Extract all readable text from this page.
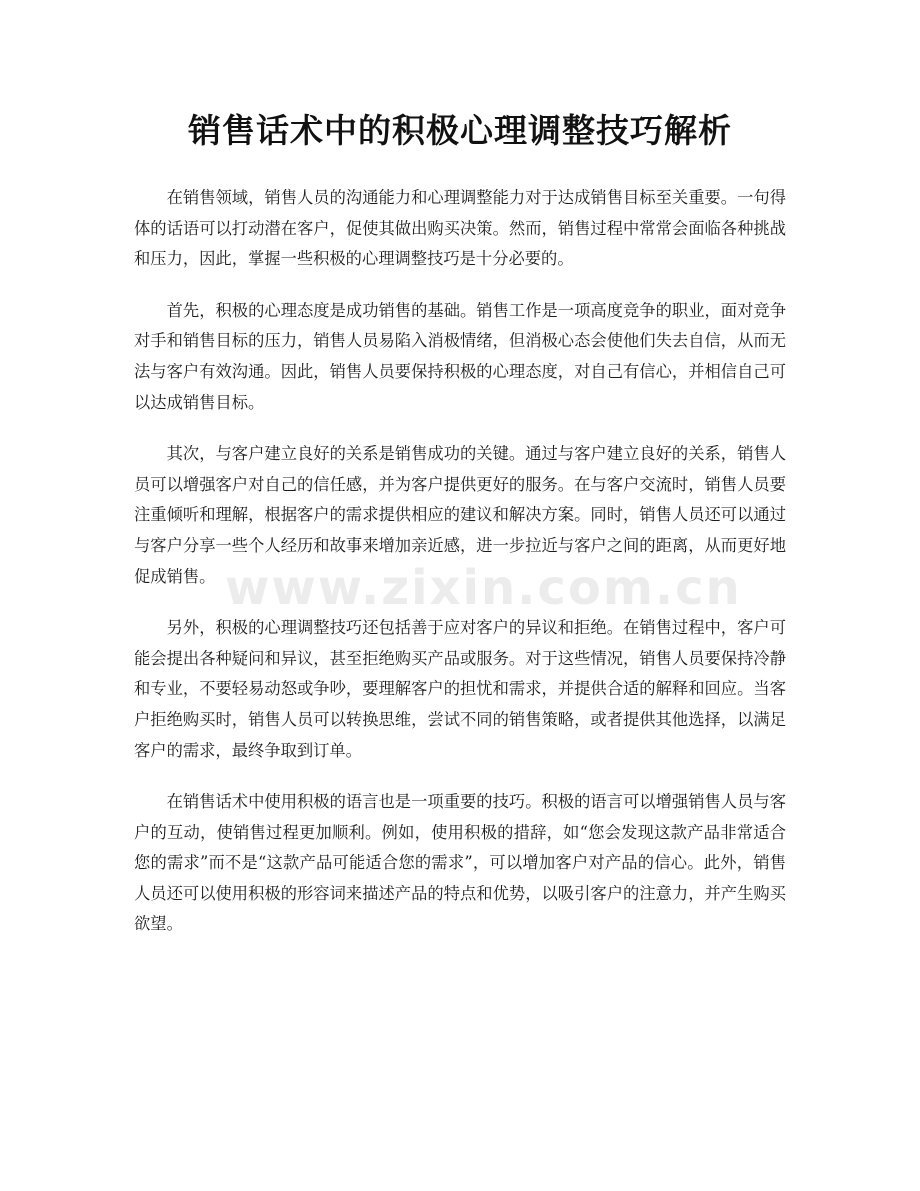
销售话术中的积极心理调整技巧解析

在销售领域，销售人员的沟通能力和心理调整能力对于达成销售目标至关重要。一句得体的话语可以打动潜在客户，促使其做出购买决策。然而，销售过程中常常会面临各种挑战和压力，因此，掌握一些积极的心理调整技巧是十分必要的。

首先，积极的心理态度是成功销售的基础。销售工作是一项高度竞争的职业，面对竞争对手和销售目标的压力，销售人员易陷入消极情绪，但消极心态会使他们失去自信，从而无法与客户有效沟通。因此，销售人员要保持积极的心理态度，对自己有信心，并相信自己可以达成销售目标。

其次，与客户建立良好的关系是销售成功的关键。通过与客户建立良好的关系，销售人员可以增强客户对自己的信任感，并为客户提供更好的服务。在与客户交流时，销售人员要注重倾听和理解，根据客户的需求提供相应的建议和解决方案。同时，销售人员还可以通过与客户分享一些个人经历和故事来增加亲近感，进一步拉近与客户之间的距离，从而更好地促成销售。

另外，积极的心理调整技巧还包括善于应对客户的异议和拒绝。在销售过程中，客户可能会提出各种疑问和异议，甚至拒绝购买产品或服务。对于这些情况，销售人员要保持冷静和专业，不要轻易动怒或争吵，要理解客户的担忧和需求，并提供合适的解释和回应。当客户拒绝购买时，销售人员可以转换思维，尝试不同的销售策略，或者提供其他选择，以满足客户的需求，最终争取到订单。

在销售话术中使用积极的语言也是一项重要的技巧。积极的语言可以增强销售人员与客户的互动，使销售过程更加顺利。例如，使用积极的措辞，如“您会发现这款产品非常适合您的需求”而不是“这款产品可能适合您的需求”，可以增加客户对产品的信心。此外，销售人员还可以使用积极的形容词来描述产品的特点和优势，以吸引客户的注意力，并产生购买欲望。

www.zixin.com.cn
